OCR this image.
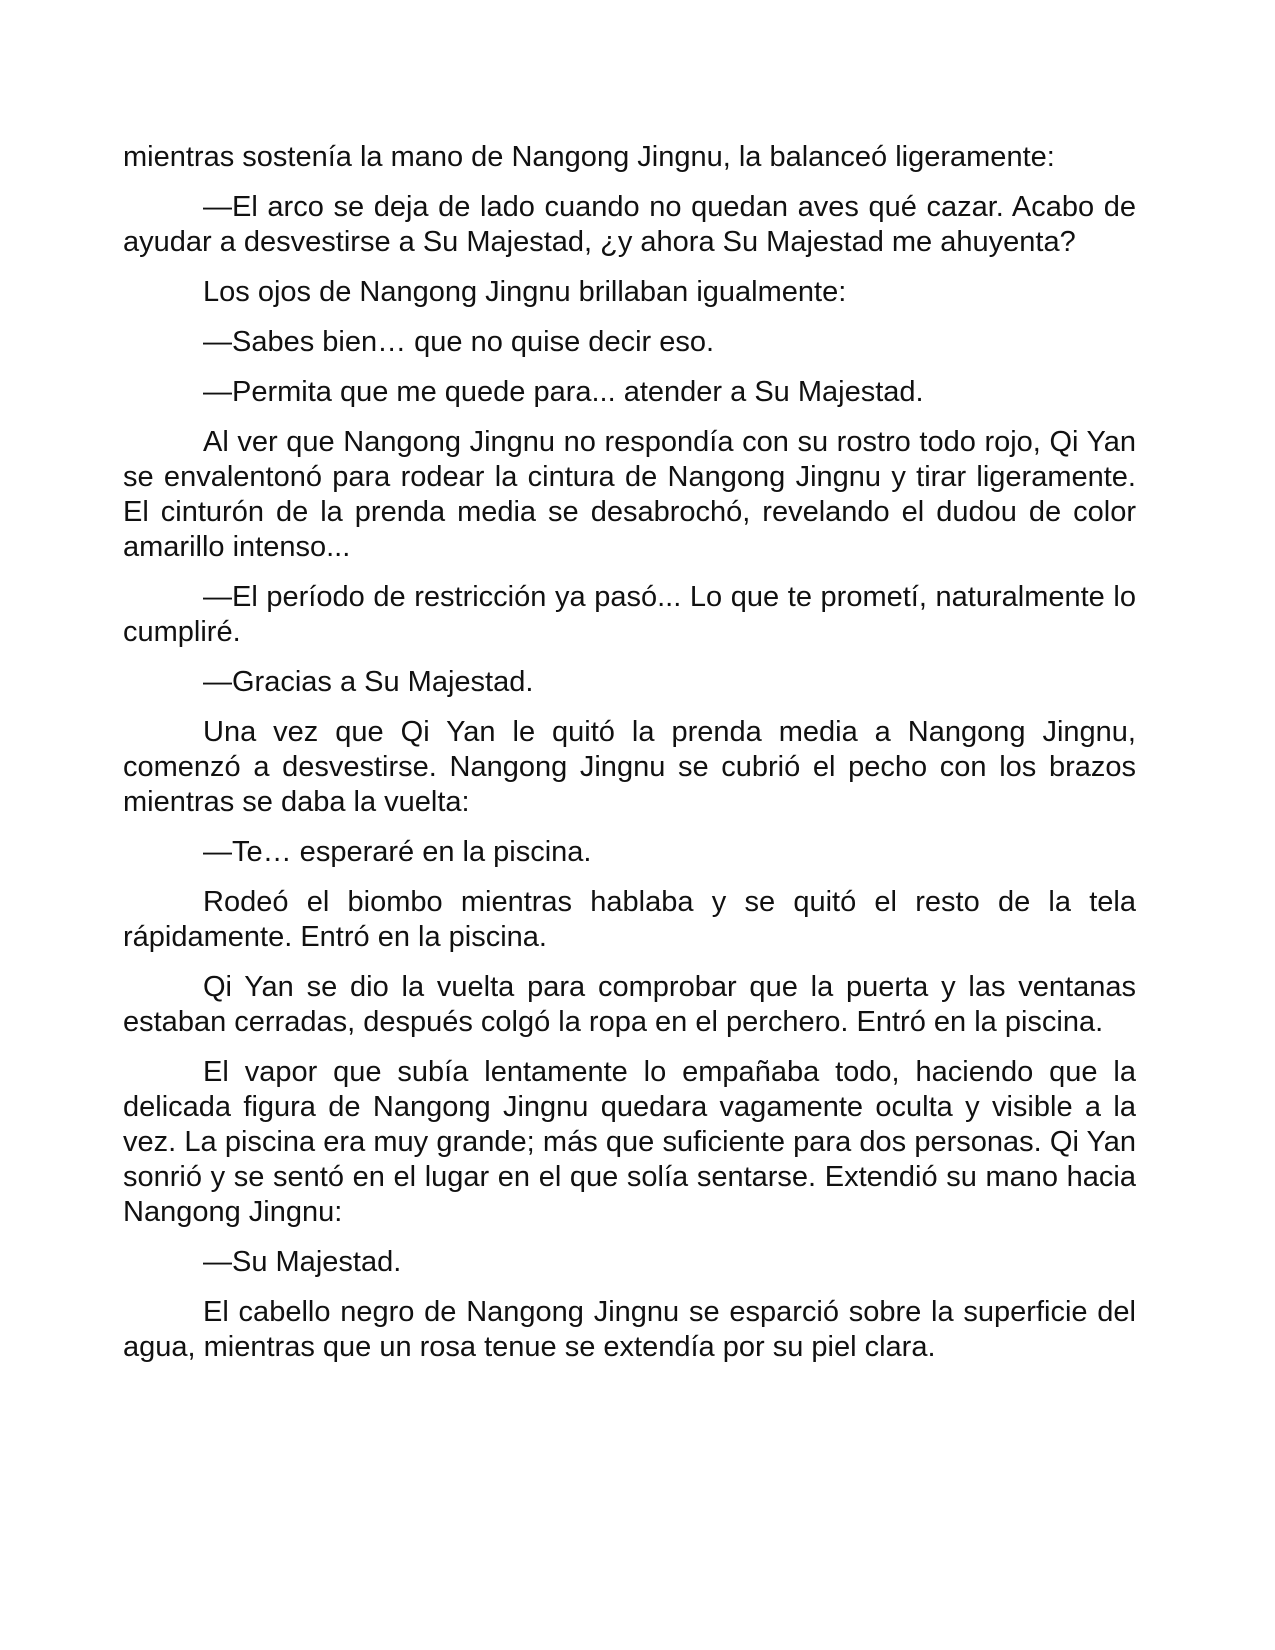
mientras sostenía la mano de Nangong Jingnu, la balanceó ligeramente:

—El arco se deja de lado cuando no quedan aves qué cazar. Acabo de ayudar a desvestirse a Su Majestad, ¿y ahora Su Majestad me ahuyenta?

Los ojos de Nangong Jingnu brillaban igualmente:

—Sabes bien… que no quise decir eso.

—Permita que me quede para... atender a Su Majestad.

Al ver que Nangong Jingnu no respondía con su rostro todo rojo, Qi Yan se envalentonó para rodear la cintura de Nangong Jingnu y tirar ligeramente. El cinturón de la prenda media se desabrochó, revelando el dudou de color amarillo intenso...

—El período de restricción ya pasó... Lo que te prometí, naturalmente lo cumpliré.

—Gracias a Su Majestad.

Una vez que Qi Yan le quitó la prenda media a Nangong Jingnu, comenzó a desvestirse. Nangong Jingnu se cubrió el pecho con los brazos mientras se daba la vuelta:

—Te… esperaré en la piscina.

Rodeó el biombo mientras hablaba y se quitó el resto de la tela rápidamente. Entró en la piscina.

Qi Yan se dio la vuelta para comprobar que la puerta y las ventanas estaban cerradas, después colgó la ropa en el perchero. Entró en la piscina.

El vapor que subía lentamente lo empañaba todo, haciendo que la delicada figura de Nangong Jingnu quedara vagamente oculta y visible a la vez. La piscina era muy grande; más que suficiente para dos personas. Qi Yan sonrió y se sentó en el lugar en el que solía sentarse. Extendió su mano hacia Nangong Jingnu:

—Su Majestad.

El cabello negro de Nangong Jingnu se esparció sobre la superficie del agua, mientras que un rosa tenue se extendía por su piel clara.
